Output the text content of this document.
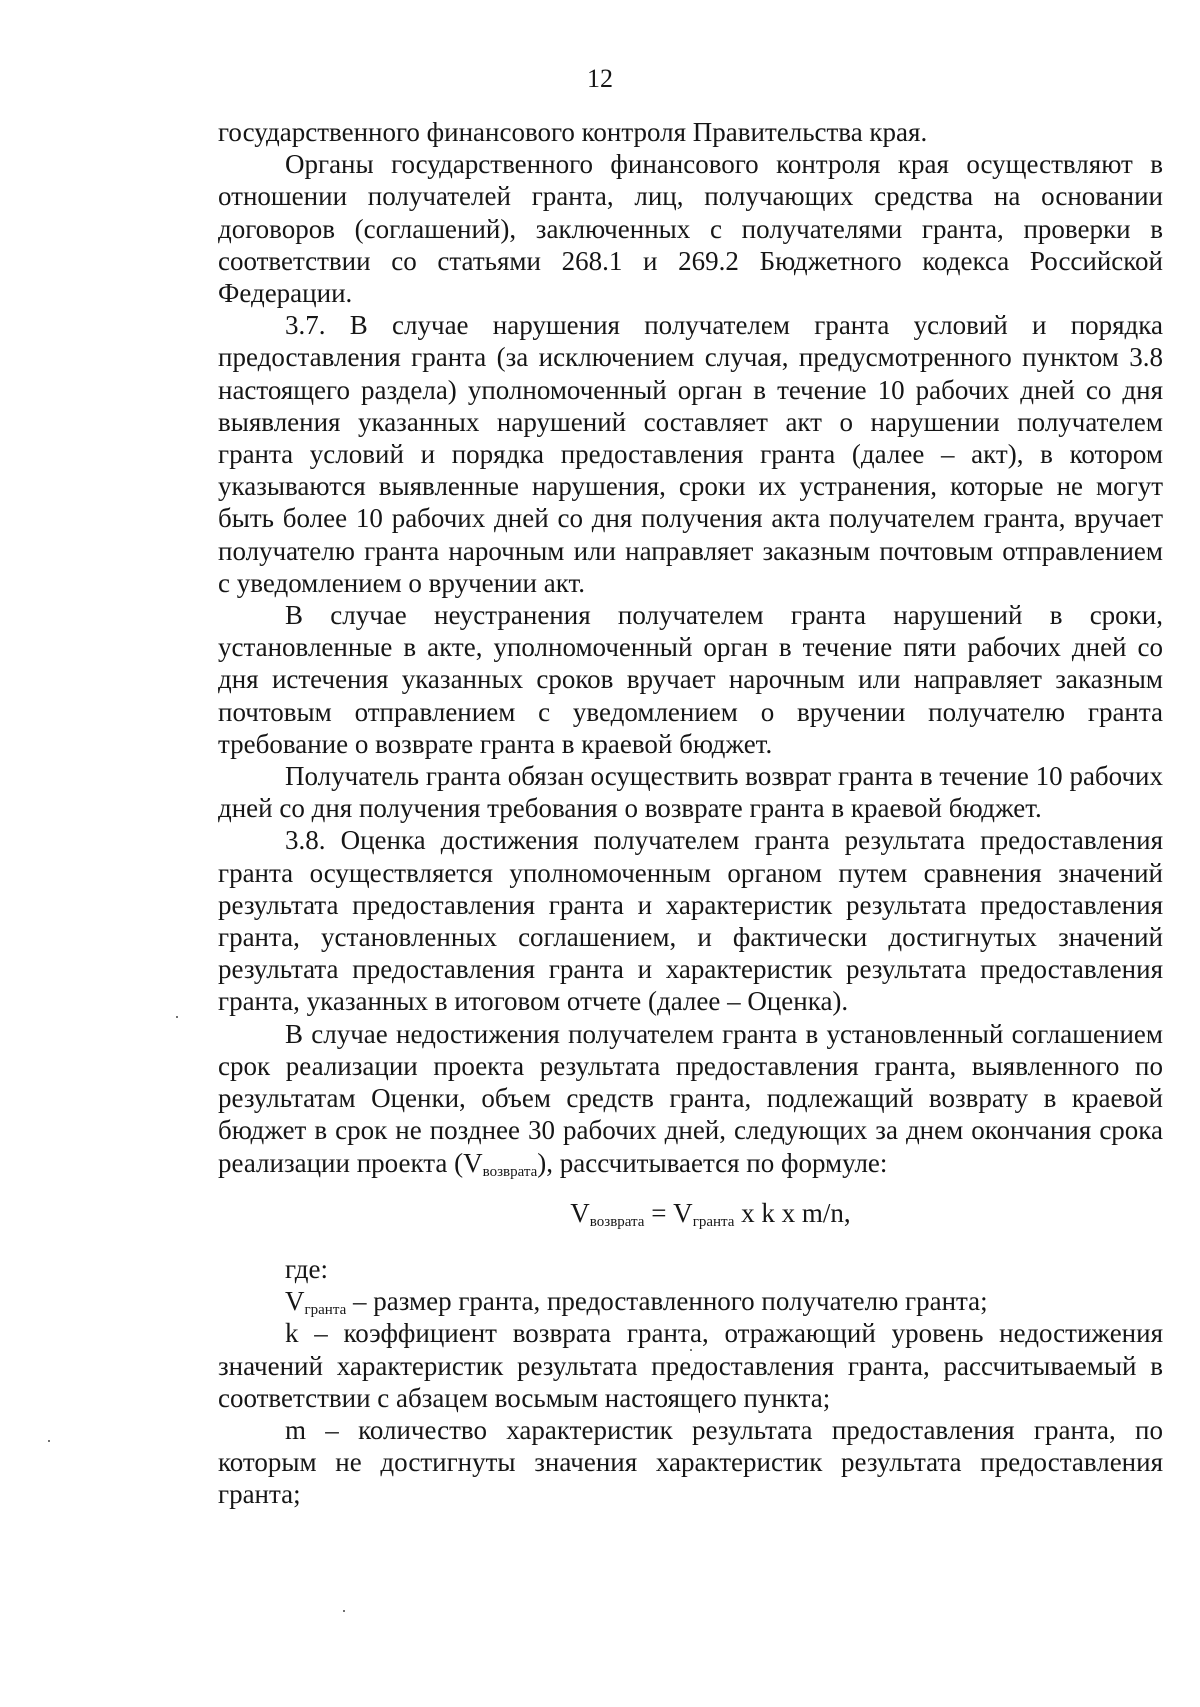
12

государственного финансового контроля Правительства края.

Органы государственного финансового контроля края осуществляют в отношении получателей гранта, лиц, получающих средства на основании договоров (соглашений), заключенных с получателями гранта, проверки в соответствии со статьями 268.1 и 269.2 Бюджетного кодекса Российской Федерации.

3.7. В случае нарушения получателем гранта условий и порядка предоставления гранта (за исключением случая, предусмотренного пунктом 3.8 настоящего раздела) уполномоченный орган в течение 10 рабочих дней со дня выявления указанных нарушений составляет акт о нарушении получателем гранта условий и порядка предоставления гранта (далее – акт), в котором указываются выявленные нарушения, сроки их устранения, которые не могут быть более 10 рабочих дней со дня получения акта получателем гранта, вручает получателю гранта нарочным или направляет заказным почтовым отправлением с уведомлением о вручении акт.

В случае неустранения получателем гранта нарушений в сроки, установленные в акте, уполномоченный орган в течение пяти рабочих дней со дня истечения указанных сроков вручает нарочным или направляет заказным почтовым отправлением с уведомлением о вручении получателю гранта требование о возврате гранта в краевой бюджет.

Получатель гранта обязан осуществить возврат гранта в течение 10 рабочих дней со дня получения требования о возврате гранта в краевой бюджет.

3.8. Оценка достижения получателем гранта результата предоставления гранта осуществляется уполномоченным органом путем сравнения значений результата предоставления гранта и характеристик результата предоставления гранта, установленных соглашением, и фактически достигнутых значений результата предоставления гранта и характеристик результата предоставления гранта, указанных в итоговом отчете (далее – Оценка).

В случае недостижения получателем гранта в установленный соглашением срок реализации проекта результата предоставления гранта, выявленного по результатам Оценки, объем средств гранта, подлежащий возврату в краевой бюджет в срок не позднее 30 рабочих дней, следующих за днем окончания срока реализации проекта $(V_{возврата})$, рассчитывается по формуле:

$V_{возврата} = V_{гранта}$ x k x m/n,

где:

$V_{гранта}$ – размер гранта, предоставленного получателю гранта;

k – коэффициент возврата гранта, отражающий уровень недостижения значений характеристик результата предоставления гранта, рассчитываемый в соответствии с абзацем восьмым настоящего пункта;

m – количество характеристик результата предоставления гранта, по которым не достигнуты значения характеристик результата предоставления гранта;
